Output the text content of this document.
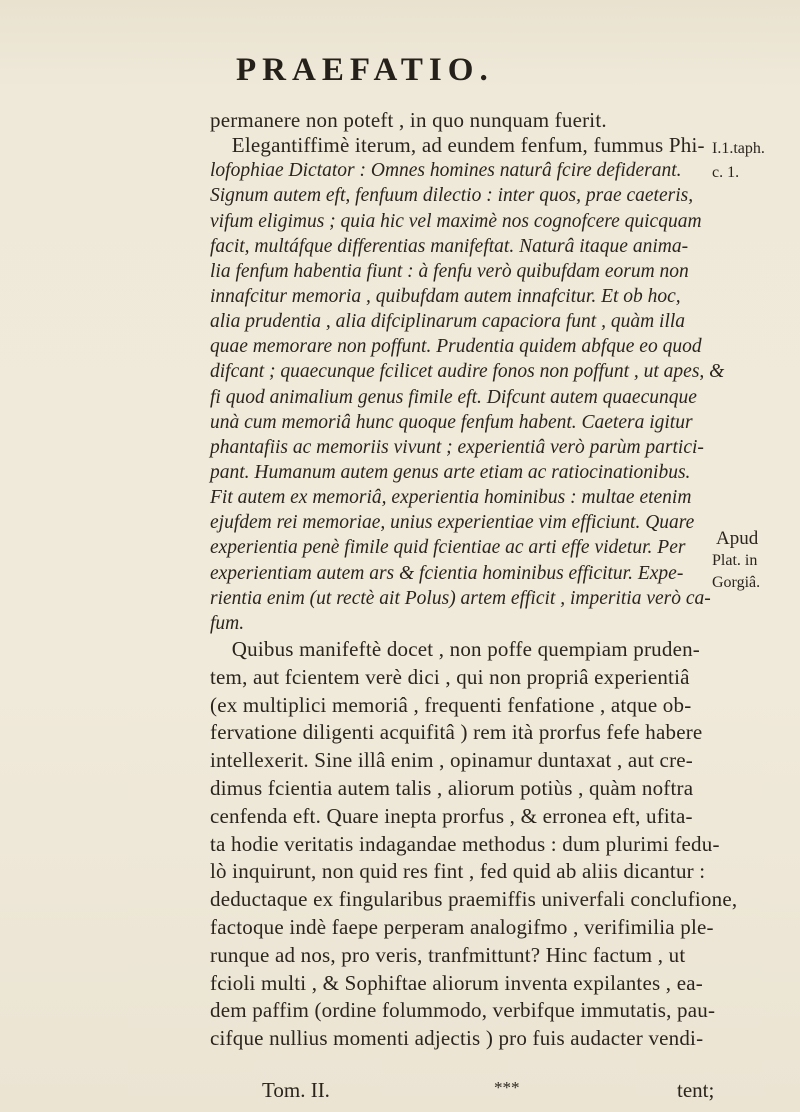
PRAEFATIO.
permanere non poteft , in quo nunquam fuerit.
Elegantiffimè iterum, ad eundem fenfum, fummus Phi-
lofophiae Dictator : Omnes homines naturâ fcire defiderant.
Signum autem eft, fenfuum dilectio : inter quos, prae caeteris,
vifum eligimus ; quia hic vel maximè nos cognofcere quicquam
facit, multáfque differentias manifeftat. Naturâ itaque anima-
lia fenfum habentia fiunt : à fenfu verò quibufdam eorum non
innafcitur memoria , quibufdam autem innafcitur. Et ob hoc,
alia prudentia , alia difciplinarum capaciora funt , quàm illa
quae memorare non poffunt. Prudentia quidem abfque eo quod
difcant ; quaecunque fcilicet audire fonos non poffunt , ut apes, &
fi quod animalium genus fimile eft. Difcunt autem quaecunque
unà cum memoriâ hunc quoque fenfum habent. Caetera igitur
phantafiis ac memoriis vivunt ; experientiâ verò parùm partici-
pant. Humanum autem genus arte etiam ac ratiocinationibus.
Fit autem ex memoriâ, experientia hominibus : multae etenim
ejufdem rei memoriae, unius experientiae vim efficiunt. Quare
experientia penè fimile quid fcientiae ac arti effe videtur. Per
experientiam autem ars & fcientia hominibus efficitur. Expe-
rientia enim (ut rectè ait Polus) artem efficit , imperitia verò ca-
fum.
Quibus manifeftè docet , non poffe quempiam pruden-
tem, aut fcientem verè dici , qui non propriâ experientiâ
(ex multiplici memoriâ , frequenti fenfatione , atque ob-
fervatione diligenti acquifitâ ) rem ità prorfus fefe habere
intellexerit. Sine illâ enim , opinamur duntaxat , aut cre-
dimus fcientia autem talis , aliorum potiùs , quàm noftra
cenfenda eft. Quare inepta prorfus , & erronea eft, ufita-
ta hodie veritatis indagandae methodus : dum plurimi fedu-
lò inquirunt, non quid res fint , fed quid ab aliis dicantur :
deductaque ex fingularibus praemiffis univerfali conclufione,
factoque indè faepe perperam analogifmo , verifimilia ple-
runque ad nos, pro veris, tranfmittunt? Hinc factum , ut
fcioli multi , & Sophiftae aliorum inventa expilantes , ea-
dem paffim (ordine folummodo, verbifque immutatis, pau-
cifque nullius momenti adjectis ) pro fuis audacter vendi-
Tom. II.	***	tent;
I.1.taph.
c. 1.
Apud
Plat. in
Gorgiâ.
